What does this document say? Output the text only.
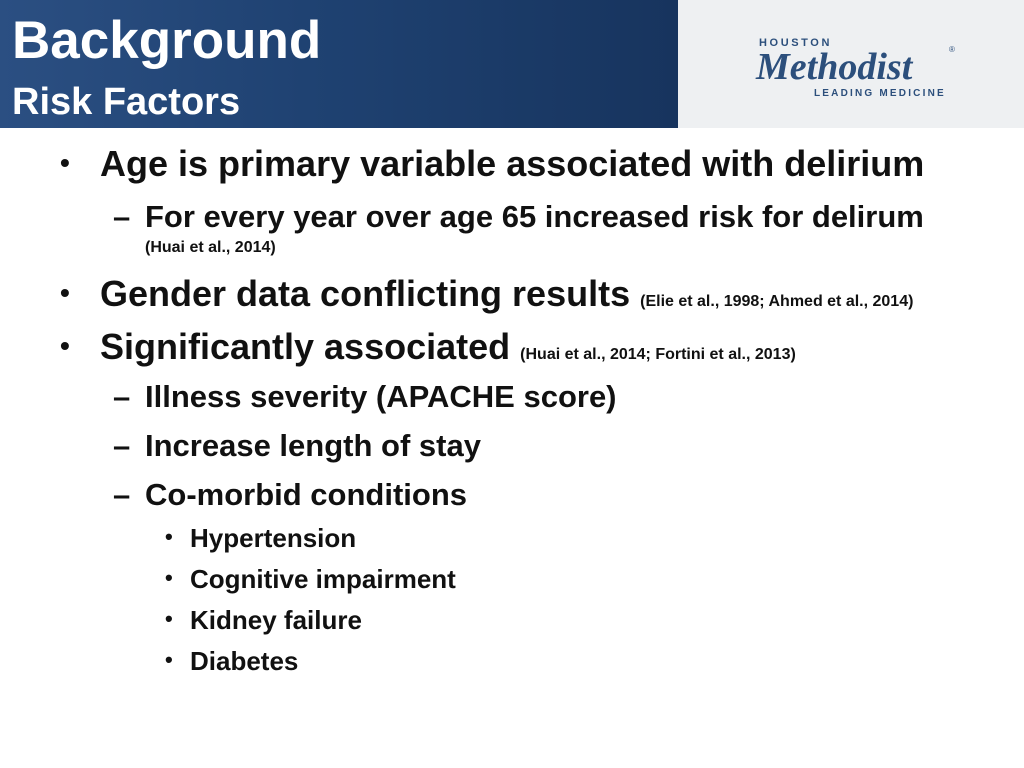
Background
Risk Factors
HOUSTON
Methodist	®
LEADING MEDICINE
• Age is primary variable associated with delirium
– For every year over age 65 increased risk for delirum
(Huai et al., 2014)
• Gender data conflicting results (Elie et al., 1998; Ahmed et al., 2014)
• Significantly associated (Huai et al., 2014; Fortini et al., 2013)
– Illness severity (APACHE score)
– Increase length of stay
– Co-morbid conditions
• Hypertension
• Cognitive impairment
• Kidney failure
• Diabetes
